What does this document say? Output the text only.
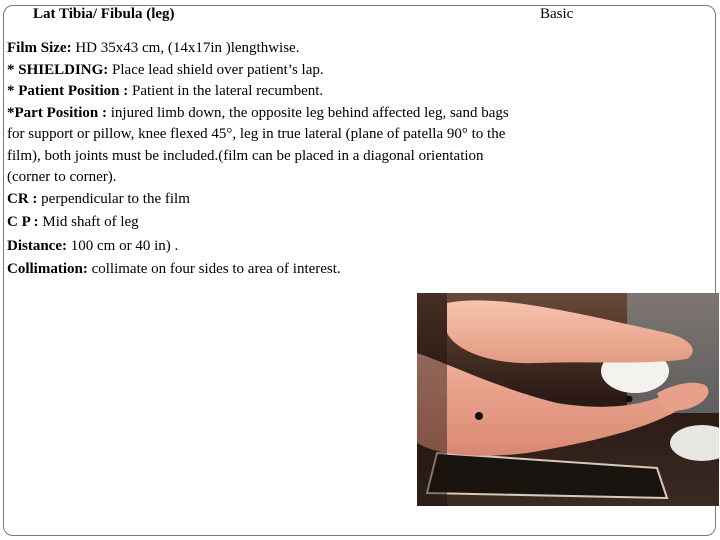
Lat Tibia/ Fibula (leg)	Basic

Film Size: HD 35x43 cm, (14x17in )lengthwise.

* SHIELDING: Place lead shield over patient’s lap.

* Patient Position : Patient in the lateral recumbent.

*Part Position : injured limb down, the opposite leg behind affected leg, sand bags for support or pillow, knee flexed 45°, leg in true lateral (plane of patella 90° to the film), both joints must be included.(film can be placed in a diagonal orientation (corner to corner).

CR : perpendicular to the film

C P : Mid shaft of leg

Distance: 100 cm or 40 in) .

Collimation: collimate on four sides to area of interest.
